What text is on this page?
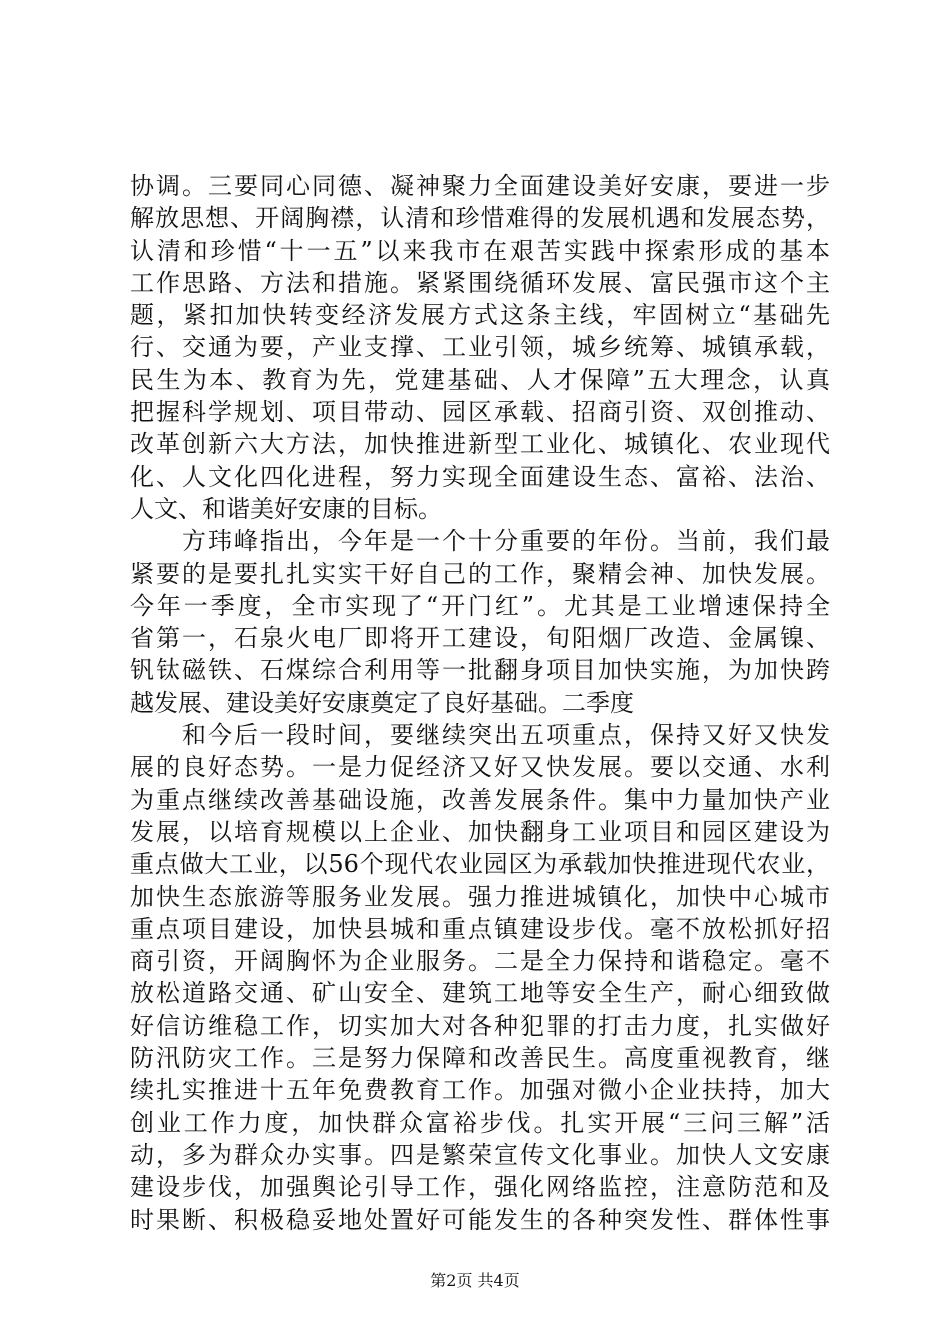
协调。三要同心同德、凝神聚力全面建设美好安康，要进一步
解放思想、开阔胸襟，认清和珍惜难得的发展机遇和发展态势，
认清和珍惜“十一五”以来我市在艰苦实践中探索形成的基本
工作思路、方法和措施。紧紧围绕循环发展、富民强市这个主
题，紧扣加快转变经济发展方式这条主线，牢固树立“基础先
行、交通为要，产业支撑、工业引领，城乡统筹、城镇承载，
民生为本、教育为先，党建基础、人才保障”五大理念，认真
把握科学规划、项目带动、园区承载、招商引资、双创推动、
改革创新六大方法，加快推进新型工业化、城镇化、农业现代
化、人文化四化进程，努力实现全面建设生态、富裕、法治、
人文、和谐美好安康的目标。
　　方玮峰指出，今年是一个十分重要的年份。当前，我们最
紧要的是要扎扎实实干好自己的工作，聚精会神、加快发展。
今年一季度，全市实现了“开门红”。尤其是工业增速保持全
省第一，石泉火电厂即将开工建设，旬阳烟厂改造、金属镍、
钒钛磁铁、石煤综合利用等一批翻身项目加快实施，为加快跨
越发展、建设美好安康奠定了良好基础。二季度
　　和今后一段时间，要继续突出五项重点，保持又好又快发
展的良好态势。一是力促经济又好又快发展。要以交通、水利
为重点继续改善基础设施，改善发展条件。集中力量加快产业
发展，以培育规模以上企业、加快翻身工业项目和园区建设为
重点做大工业，以56个现代农业园区为承载加快推进现代农业，
加快生态旅游等服务业发展。强力推进城镇化，加快中心城市
重点项目建设，加快县城和重点镇建设步伐。毫不放松抓好招
商引资，开阔胸怀为企业服务。二是全力保持和谐稳定。毫不
放松道路交通、矿山安全、建筑工地等安全生产，耐心细致做
好信访维稳工作，切实加大对各种犯罪的打击力度，扎实做好
防汛防灾工作。三是努力保障和改善民生。高度重视教育，继
续扎实推进十五年免费教育工作。加强对微小企业扶持，加大
创业工作力度，加快群众富裕步伐。扎实开展“三问三解”活
动，多为群众办实事。四是繁荣宣传文化事业。加快人文安康
建设步伐，加强舆论引导工作，强化网络监控，注意防范和及
时果断、积极稳妥地处置好可能发生的各种突发性、群体性事
第2页 共4页
